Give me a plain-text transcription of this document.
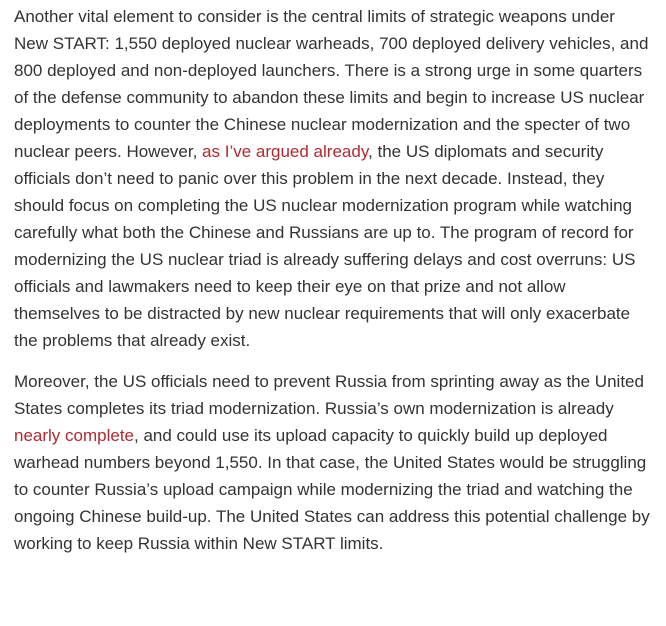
Another vital element to consider is the central limits of strategic weapons under New START: 1,550 deployed nuclear warheads, 700 deployed delivery vehicles, and 800 deployed and non-deployed launchers. There is a strong urge in some quarters of the defense community to abandon these limits and begin to increase US nuclear deployments to counter the Chinese nuclear modernization and the specter of two nuclear peers. However, as I’ve argued already, the US diplomats and security officials don’t need to panic over this problem in the next decade. Instead, they should focus on completing the US nuclear modernization program while watching carefully what both the Chinese and Russians are up to. The program of record for modernizing the US nuclear triad is already suffering delays and cost overruns: US officials and lawmakers need to keep their eye on that prize and not allow themselves to be distracted by new nuclear requirements that will only exacerbate the problems that already exist.

Moreover, the US officials need to prevent Russia from sprinting away as the United States completes its triad modernization. Russia’s own modernization is already nearly complete, and could use its upload capacity to quickly build up deployed warhead numbers beyond 1,550. In that case, the United States would be struggling to counter Russia’s upload campaign while modernizing the triad and watching the ongoing Chinese build-up. The United States can address this potential challenge by working to keep Russia within New START limits.
